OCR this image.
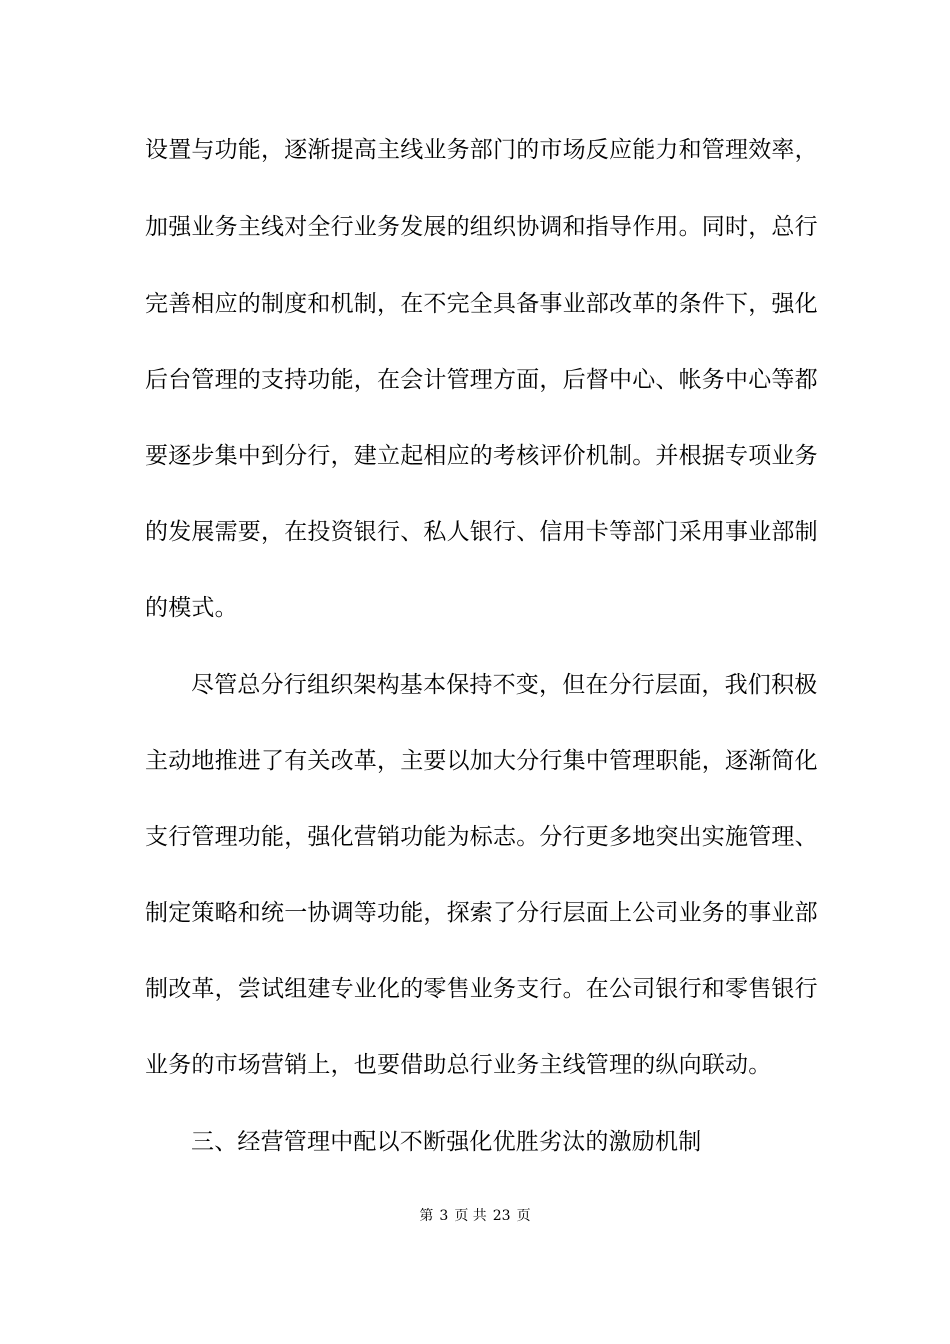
设置与功能，逐渐提高主线业务部门的市场反应能力和管理效率，
加强业务主线对全行业务发展的组织协调和指导作用。同时，总行
完善相应的制度和机制，在不完全具备事业部改革的条件下，强化
后台管理的支持功能，在会计管理方面，后督中心、帐务中心等都
要逐步集中到分行，建立起相应的考核评价机制。并根据专项业务
的发展需要，在投资银行、私人银行、信用卡等部门采用事业部制
的模式。
尽管总分行组织架构基本保持不变，但在分行层面，我们积极
主动地推进了有关改革，主要以加大分行集中管理职能，逐渐简化
支行管理功能，强化营销功能为标志。分行更多地突出实施管理、
制定策略和统一协调等功能，探索了分行层面上公司业务的事业部
制改革，尝试组建专业化的零售业务支行。在公司银行和零售银行
业务的市场营销上，也要借助总行业务主线管理的纵向联动。
三、经营管理中配以不断强化优胜劣汰的激励机制
第 3 页 共 23 页
